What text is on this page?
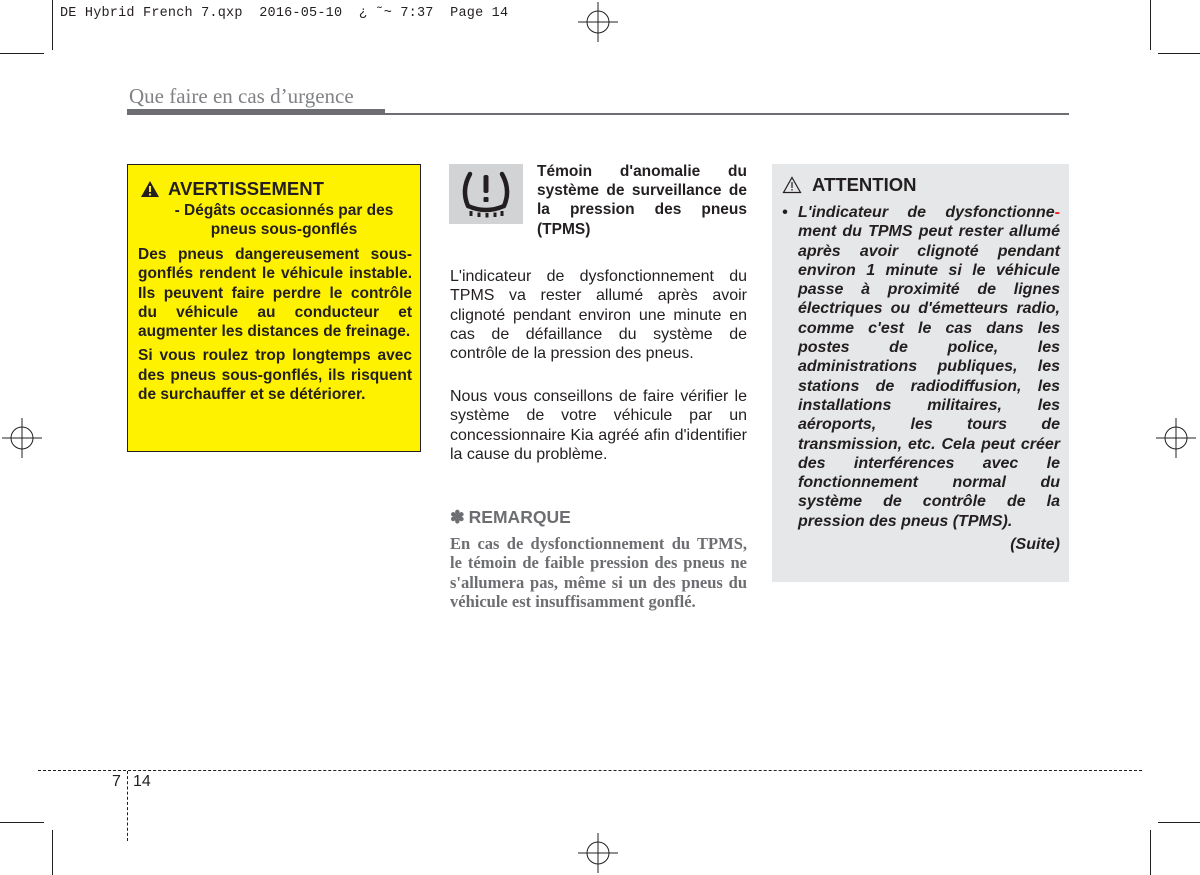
DE Hybrid French 7.qxp  2016-05-10  ¿ ˜~ 7:37  Page 14
Que faire en cas d’urgence
AVERTISSEMENT
- Dégâts occasionnés par des pneus sous-gonflés

Des pneus dangereusement sous-gonflés rendent le véhicule instable. Ils peuvent faire perdre le contrôle du véhicule au conducteur et augmenter les distances de freinage.

Si vous roulez trop longtemps avec des pneus sous-gonflés, ils risquent de surchauffer et se détériorer.

Témoin d'anomalie du système de surveillance de la pression des pneus (TPMS)

L'indicateur de dysfonctionnement du TPMS va rester allumé après avoir clignoté pendant environ une minute en cas de défaillance du système de contrôle de la pression des pneus.

Nous vous conseillons de faire vérifier le système de votre véhicule par un concessionnaire Kia agréé afin d'identifier la cause du problème.

✽ REMARQUE

En cas de dysfonctionnement du TPMS, le témoin de faible pression des pneus ne s'allumera pas, même si un des pneus du véhicule est insuffisamment gonflé.

ATTENTION
• L'indicateur de dysfonctionne- ment du TPMS peut rester allumé après avoir clignoté pendant environ 1 minute si le véhicule passe à proximité de lignes électriques ou d'émetteurs radio, comme c'est le cas dans les postes de police, les administrations publiques, les stations de radiodiffusion, les installations militaires, les aéroports, les tours de transmission, etc. Cela peut créer des interférences avec le fonctionnement normal du système de contrôle de la pression des pneus (TPMS).
(Suite)
7 14
